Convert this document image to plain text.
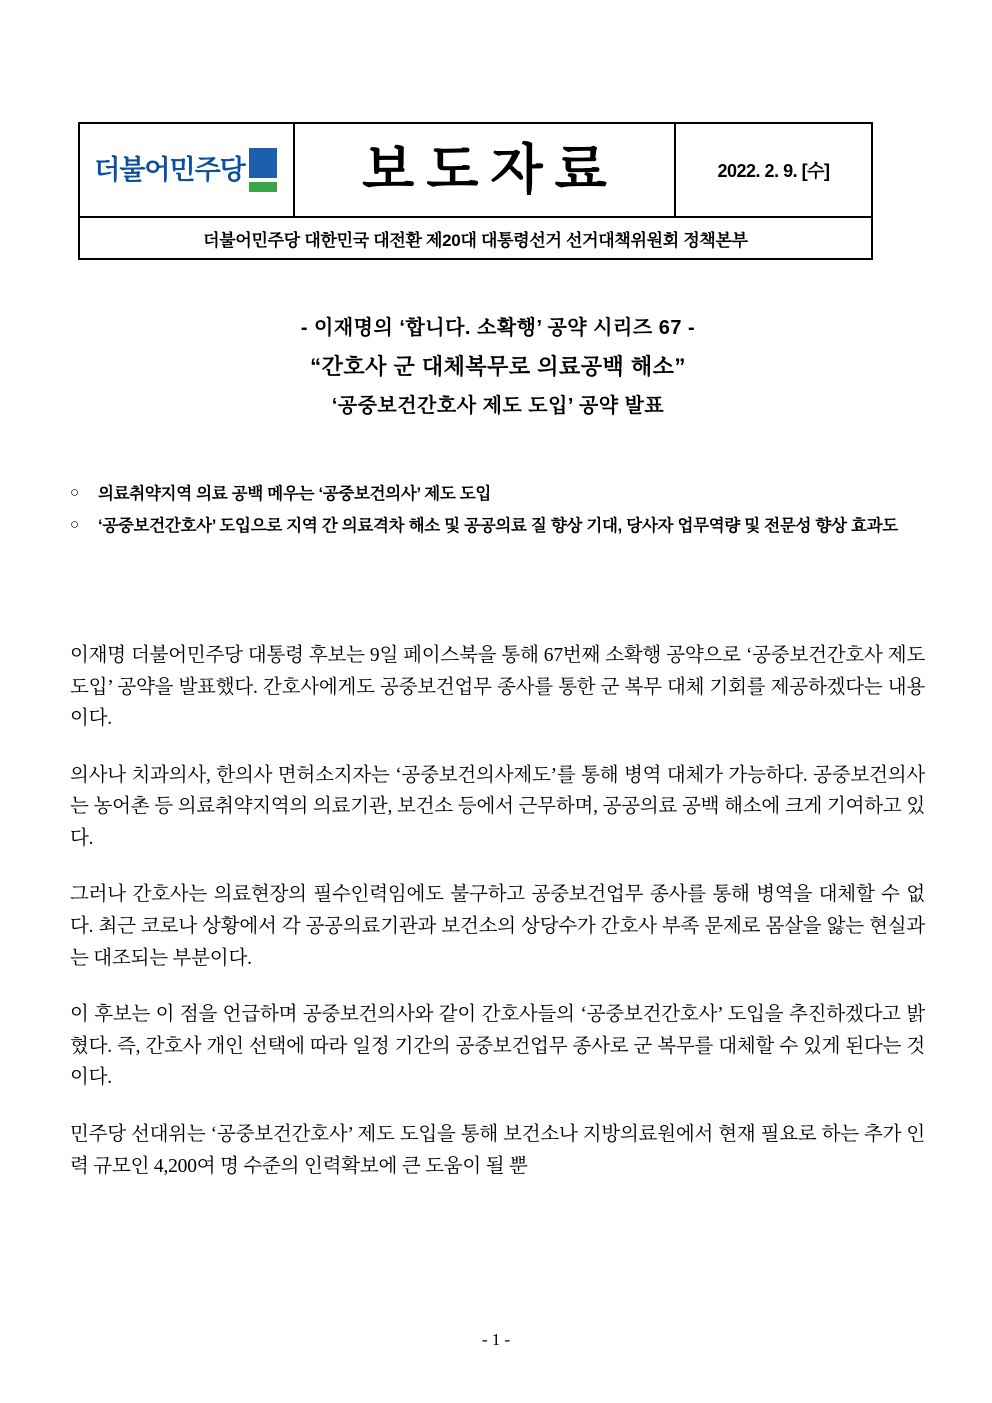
더불어민주당 보도자료	2022. 2. 9. [수]
더불어민주당 대한민국 대전환 제20대 대통령선거 선거대책위원회 정책본부
- 이재명의 ‘합니다. 소확행’ 공약 시리즈 67 -
“간호사 군 대체복무로 의료공백 해소”
‘공중보건간호사 제도 도입’ 공약 발표
○	의료취약지역 의료 공백 메우는 ‘공중보건의사’ 제도 도입
○	‘공중보건간호사’ 도입으로 지역 간 의료격차 해소 및 공공의료 질 향상 기대, 당사자 업무역량 및 전문성 향상 효과도

이재명 더불어민주당 대통령 후보는 9일 페이스북을 통해 67번째 소확행 공약으로 ‘공중보건간호사 제도 도입’ 공약을 발표했다. 간호사에게도 공중보건업무 종사를 통한 군 복무 대체 기회를 제공하겠다는 내용이다.

의사나 치과의사, 한의사 면허소지자는 ‘공중보건의사제도’를 통해 병역 대체가 가능하다. 공중보건의사는 농어촌 등 의료취약지역의 의료기관, 보건소 등에서 근무하며, 공공의료 공백 해소에 크게 기여하고 있다.

그러나 간호사는 의료현장의 필수인력임에도 불구하고 공중보건업무 종사를 통해 병역을 대체할 수 없다. 최근 코로나 상황에서 각 공공의료기관과 보건소의 상당수가 간호사 부족 문제로 몸살을 앓는 현실과는 대조되는 부분이다.

이 후보는 이 점을 언급하며 공중보건의사와 같이 간호사들의 ‘공중보건간호사’ 도입을 추진하겠다고 밝혔다. 즉, 간호사 개인 선택에 따라 일정 기간의 공중보건업무 종사로 군 복무를 대체할 수 있게 된다는 것이다.

민주당 선대위는 ‘공중보건간호사’ 제도 도입을 통해 보건소나 지방의료원에서 현재 필요로 하는 추가 인력 규모인 4,200여 명 수준의 인력확보에 큰 도움이 될 뿐

- 1 -
